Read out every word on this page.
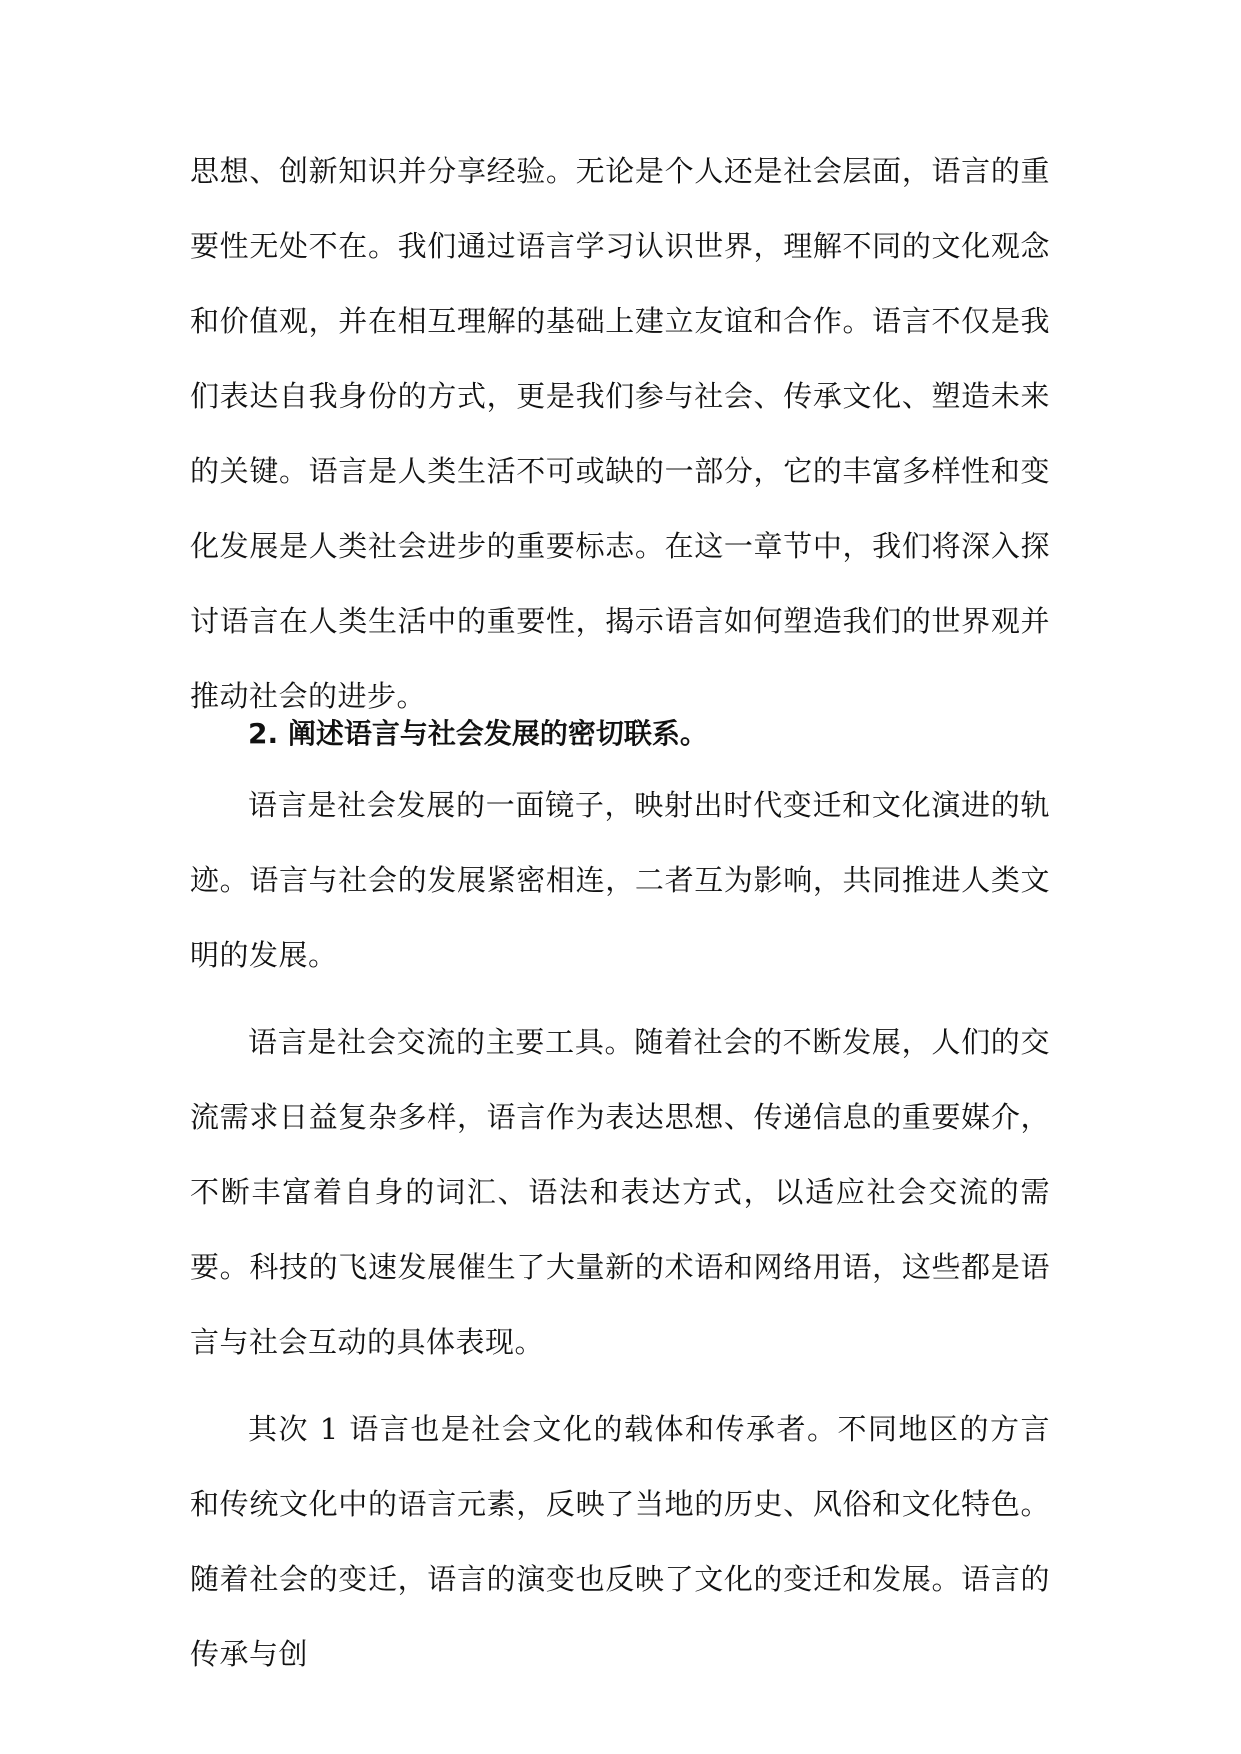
思想、创新知识并分享经验。无论是个人还是社会层面，语言的重要性无处不在。我们通过语言学习认识世界，理解不同的文化观念和价值观，并在相互理解的基础上建立友谊和合作。语言不仅是我们表达自我身份的方式，更是我们参与社会、传承文化、塑造未来的关键。语言是人类生活不可或缺的一部分，它的丰富多样性和变化发展是人类社会进步的重要标志。在这一章节中，我们将深入探讨语言在人类生活中的重要性，揭示语言如何塑造我们的世界观并推动社会的进步。

2. 阐述语言与社会发展的密切联系。

语言是社会发展的一面镜子，映射出时代变迁和文化演进的轨迹。语言与社会的发展紧密相连，二者互为影响，共同推进人类文明的发展。

语言是社会交流的主要工具。随着社会的不断发展，人们的交流需求日益复杂多样，语言作为表达思想、传递信息的重要媒介，不断丰富着自身的词汇、语法和表达方式，以适应社会交流的需要。科技的飞速发展催生了大量新的术语和网络用语，这些都是语言与社会互动的具体表现。

其次 1 语言也是社会文化的载体和传承者。不同地区的方言和传统文化中的语言元素，反映了当地的历史、风俗和文化特色。随着社会的变迁，语言的演变也反映了文化的变迁和发展。语言的传承与创
